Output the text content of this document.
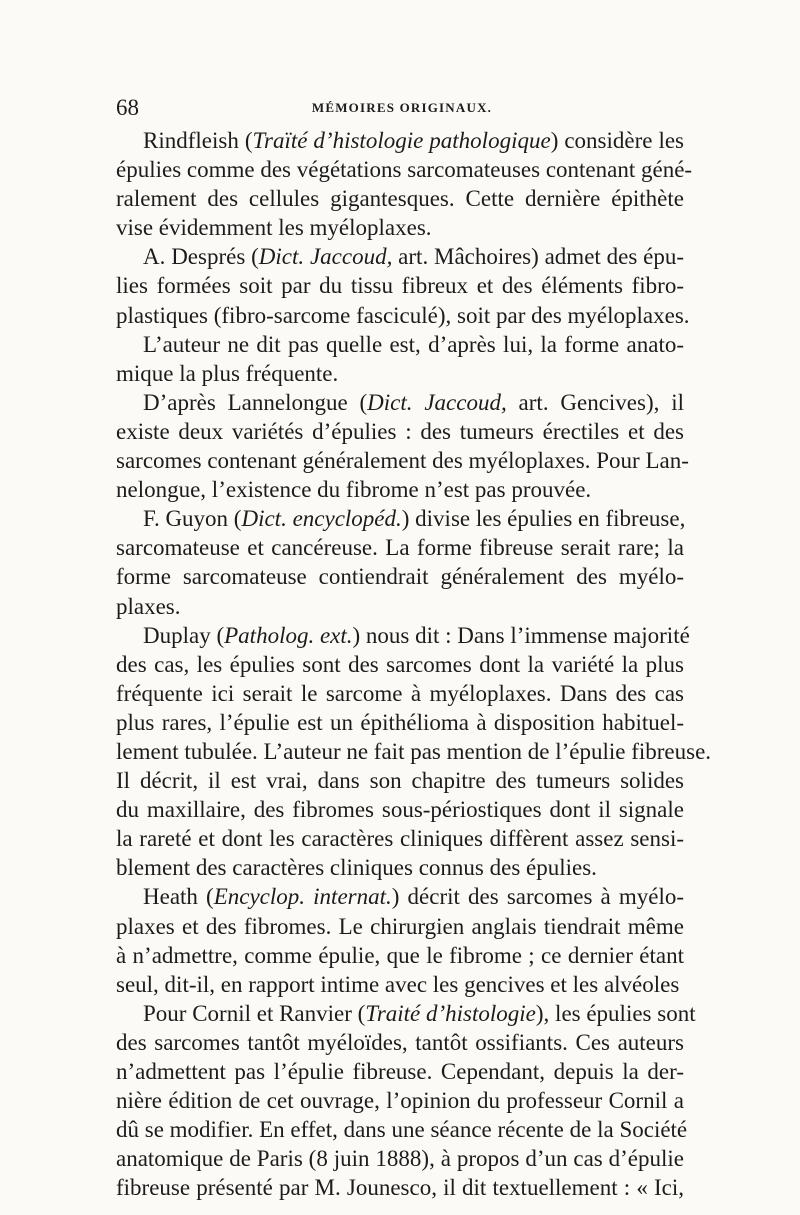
68	MÉMOIRES ORIGINAUX.
Rindfleish (Traïté d’histologie pathologique) considère les
épulies comme des végétations sarcomateuses contenant géné-
ralement des cellules gigantesques. Cette dernière épithète
vise évidemment les myéloplaxes.
A. Després (Dict. Jaccoud, art. Mâchoires) admet des épu-
lies formées soit par du tissu fibreux et des éléments fibro-
plastiques (fibro-sarcome fasciculé), soit par des myéloplaxes.
L’auteur ne dit pas quelle est, d’après lui, la forme anato-
mique la plus fréquente.
D’après Lannelongue (Dict. Jaccoud, art. Gencives), il
existe deux variétés d’épulies : des tumeurs érectiles et des
sarcomes contenant généralement des myéloplaxes. Pour Lan-
nelongue, l’existence du fibrome n’est pas prouvée.
F. Guyon (Dict. encyclopéd.) divise les épulies en fibreuse,
sarcomateuse et cancéreuse. La forme fibreuse serait rare; la
forme sarcomateuse contiendrait généralement des myélo-
plaxes.
Duplay (Patholog. ext.) nous dit : Dans l’immense majorité
des cas, les épulies sont des sarcomes dont la variété la plus
fréquente ici serait le sarcome à myéloplaxes. Dans des cas
plus rares, l’épulie est un épithélioma à disposition habituel-
lement tubulée. L’auteur ne fait pas mention de l’épulie fibreuse.
Il décrit, il est vrai, dans son chapitre des tumeurs solides
du maxillaire, des fibromes sous-périostiques dont il signale
la rareté et dont les caractères cliniques diffèrent assez sensi-
blement des caractères cliniques connus des épulies.
Heath (Encyclop. internat.) décrit des sarcomes à myélo-
plaxes et des fibromes. Le chirurgien anglais tiendrait même
à n’admettre, comme épulie, que le fibrome ; ce dernier étant
seul, dit-il, en rapport intime avec les gencives et les alvéoles
Pour Cornil et Ranvier (Traité d’histologie), les épulies sont
des sarcomes tantôt myéloïdes, tantôt ossifiants. Ces auteurs
n’admettent pas l’épulie fibreuse. Cependant, depuis la der-
nière édition de cet ouvrage, l’opinion du professeur Cornil a
dû se modifier. En effet, dans une séance récente de la Société
anatomique de Paris (8 juin 1888), à propos d’un cas d’épulie
fibreuse présenté par M. Jounesco, il dit textuellement : « Ici,
